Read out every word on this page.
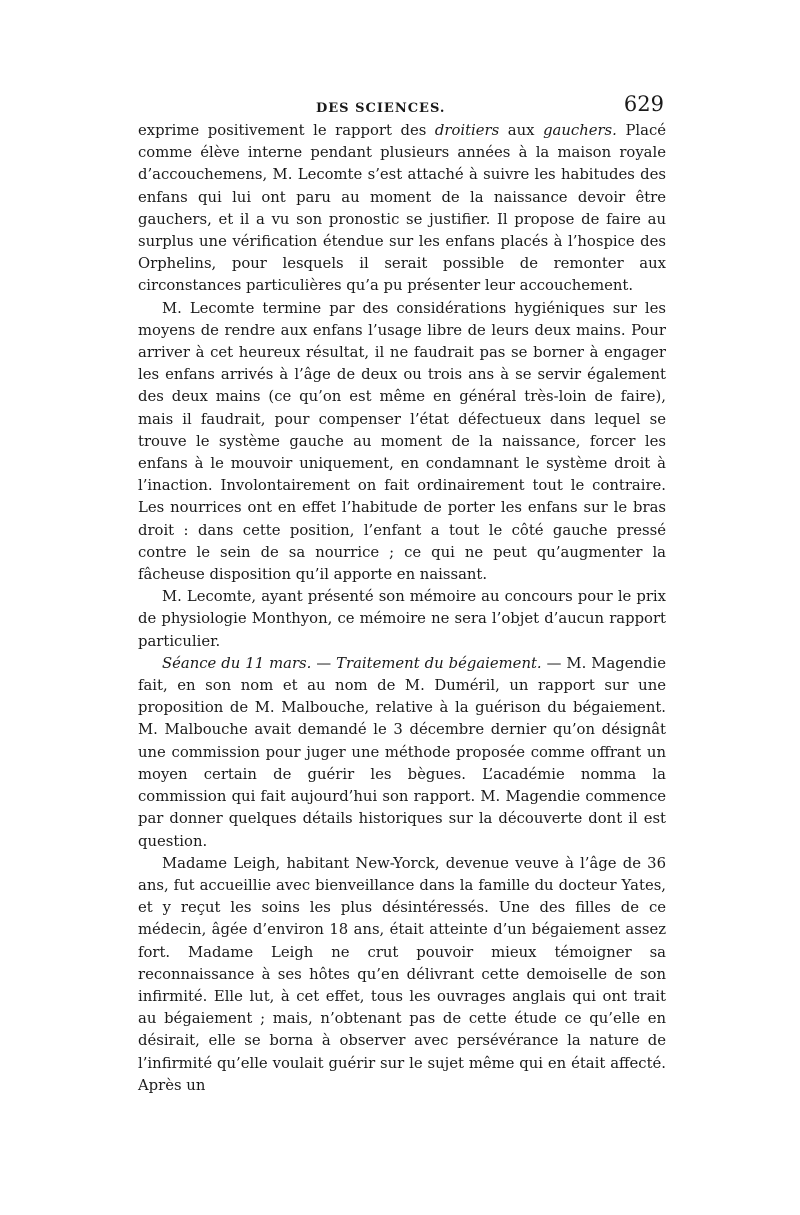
DES SCIENCES.	629

exprime positivement le rapport des droitiers aux gauchers. Placé comme élève interne pendant plusieurs années à la maison royale d’accouchemens, M. Lecomte s’est attaché à suivre les habitudes des enfans qui lui ont paru au moment de la naissance devoir être gauchers, et il a vu son pronostic se justifier. Il propose de faire au surplus une vérification étendue sur les enfans placés à l’hospice des Orphelins, pour lesquels il serait possible de remonter aux circonstances particulières qu’a pu présenter leur accouchement.

M. Lecomte termine par des considérations hygiéniques sur les moyens de rendre aux enfans l’usage libre de leurs deux mains. Pour arriver à cet heureux résultat, il ne faudrait pas se borner à engager les enfans arrivés à l’âge de deux ou trois ans à se servir également des deux mains (ce qu’on est même en général très-loin de faire), mais il faudrait, pour compenser l’état défectueux dans lequel se trouve le système gauche au moment de la naissance, forcer les enfans à le mouvoir uniquement, en condamnant le système droit à l’inaction. Involontairement on fait ordinairement tout le contraire. Les nourrices ont en effet l’habitude de porter les enfans sur le bras droit : dans cette position, l’enfant a tout le côté gauche pressé contre le sein de sa nourrice ; ce qui ne peut qu’augmenter la fâcheuse disposition qu’il apporte en naissant.

M. Lecomte, ayant présenté son mémoire au concours pour le prix de physiologie Monthyon, ce mémoire ne sera l’objet d’aucun rapport particulier.

Séance du 11 mars. — Traitement du bégaiement. — M. Magendie fait, en son nom et au nom de M. Duméril, un rapport sur une proposition de M. Malbouche, relative à la guérison du bégaiement. M. Malbouche avait demandé le 3 décembre dernier qu’on désignât une commission pour juger une méthode proposée comme offrant un moyen certain de guérir les bègues. L’académie nomma la commission qui fait aujourd’hui son rapport. M. Magendie commence par donner quelques détails historiques sur la découverte dont il est question.

Madame Leigh, habitant New-Yorck, devenue veuve à l’âge de 36 ans, fut accueillie avec bienveillance dans la famille du docteur Yates, et y reçut les soins les plus désintéressés. Une des filles de ce médecin, âgée d’environ 18 ans, était atteinte d’un bégaiement assez fort. Madame Leigh ne crut pouvoir mieux témoigner sa reconnaissance à ses hôtes qu’en délivrant cette demoiselle de son infirmité. Elle lut, à cet effet, tous les ouvrages anglais qui ont trait au bégaiement ; mais, n’obtenant pas de cette étude ce qu’elle en désirait, elle se borna à observer avec persévérance la nature de l’infirmité qu’elle voulait guérir sur le sujet même qui en était affecté. Après un
